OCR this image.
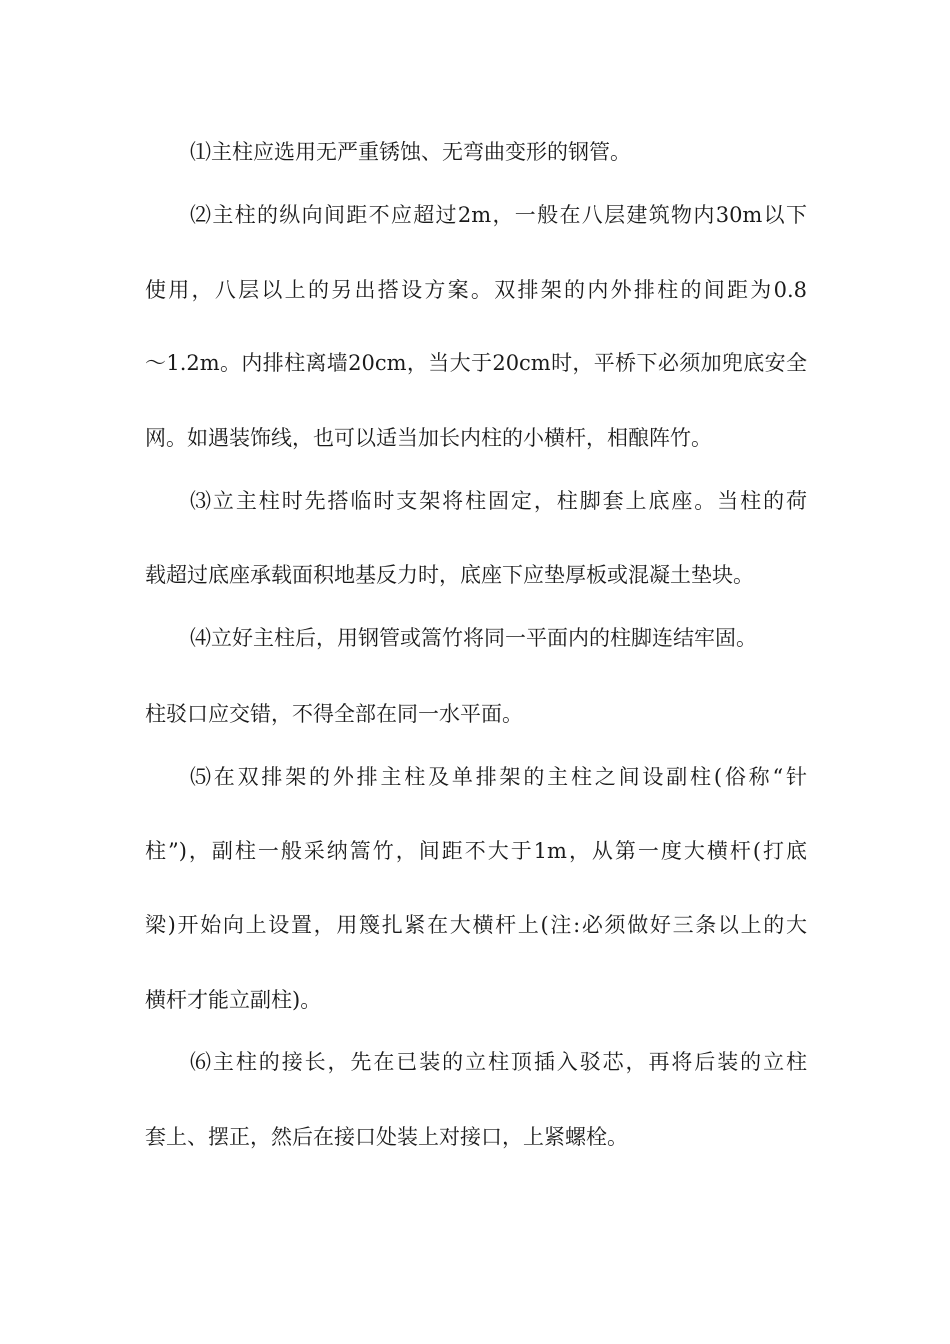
⑴主柱应选用无严重锈蚀、无弯曲变形的钢管。
⑵主柱的纵向间距不应超过2m，一般在八层建筑物内30m以下
使用，八层以上的另出搭设方案。双排架的内外排柱的间距为0.8
～1.2m。内排柱离墙20cm，当大于20cm时，平桥下必须加兜底安全
网。如遇装饰线，也可以适当加长内柱的小横杆，相酿阵竹。
⑶立主柱时先搭临时支架将柱固定，柱脚套上底座。当柱的荷
载超过底座承载面积地基反力时，底座下应垫厚板或混凝土垫块。
⑷立好主柱后，用钢管或篙竹将同一平面内的柱脚连结牢固。
柱驳口应交错，不得全部在同一水平面。
⑸在双排架的外排主柱及单排架的主柱之间设副柱(俗称“针
柱”)，副柱一般采纳篙竹，间距不大于1m，从第一度大横杆(打底
梁)开始向上设置，用篾扎紧在大横杆上(注:必须做好三条以上的大
横杆才能立副柱)。
⑹主柱的接长，先在已装的立柱顶插入驳芯，再将后装的立柱
套上、摆正，然后在接口处装上对接口，上紧螺栓。
